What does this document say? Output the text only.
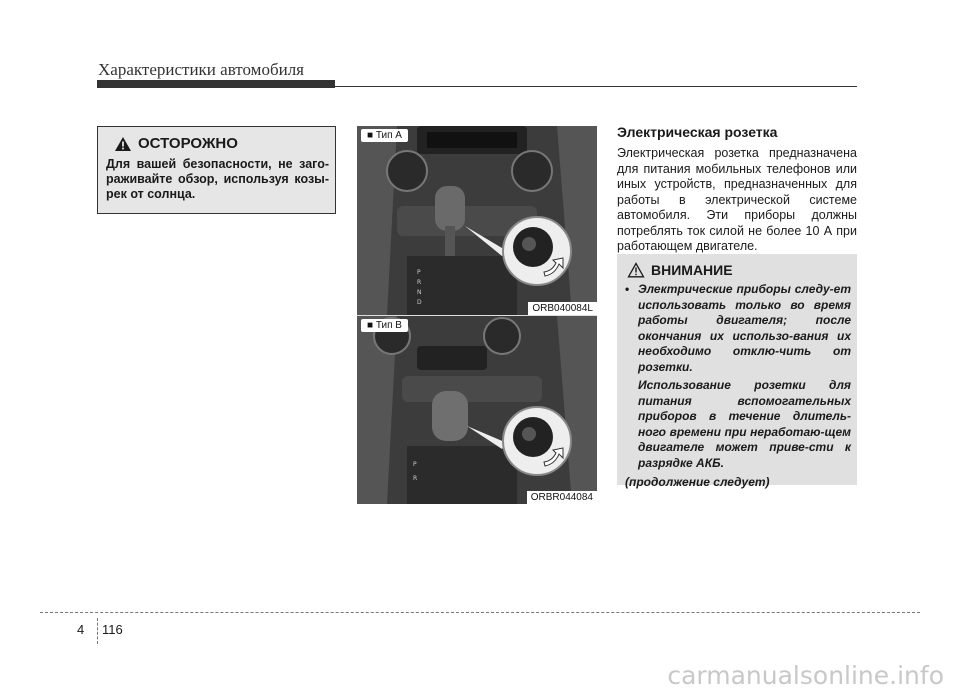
Характеристики автомобиля
ОСТОРОЖНО
Для вашей безопасности, не заго-раживайте обзор, используя козы-рек от солнца.
P
R
N
D
■ Тип А
ORB040084L
P
R
■ Тип В
ORBR044084
Электрическая розетка
Электрическая розетка предназначена для питания мобильных телефонов или иных устройств, предназначенных для работы в электрической системе автомобиля. Эти приборы должны потреблять ток силой не более 10 А при работающем двигателе.
ВНИМАНИЕ
• Электрические приборы следу-ет использовать только во время работы двигателя; после окончания их использо-вания их необходимо отклю-чить от розетки.
Использование розетки для питания вспомогательных приборов в течение длитель-ного времени при неработаю-щем двигателе может приве-сти к разрядке АКБ.
(продолжение следует)
4 116
carmanualsonline.info
